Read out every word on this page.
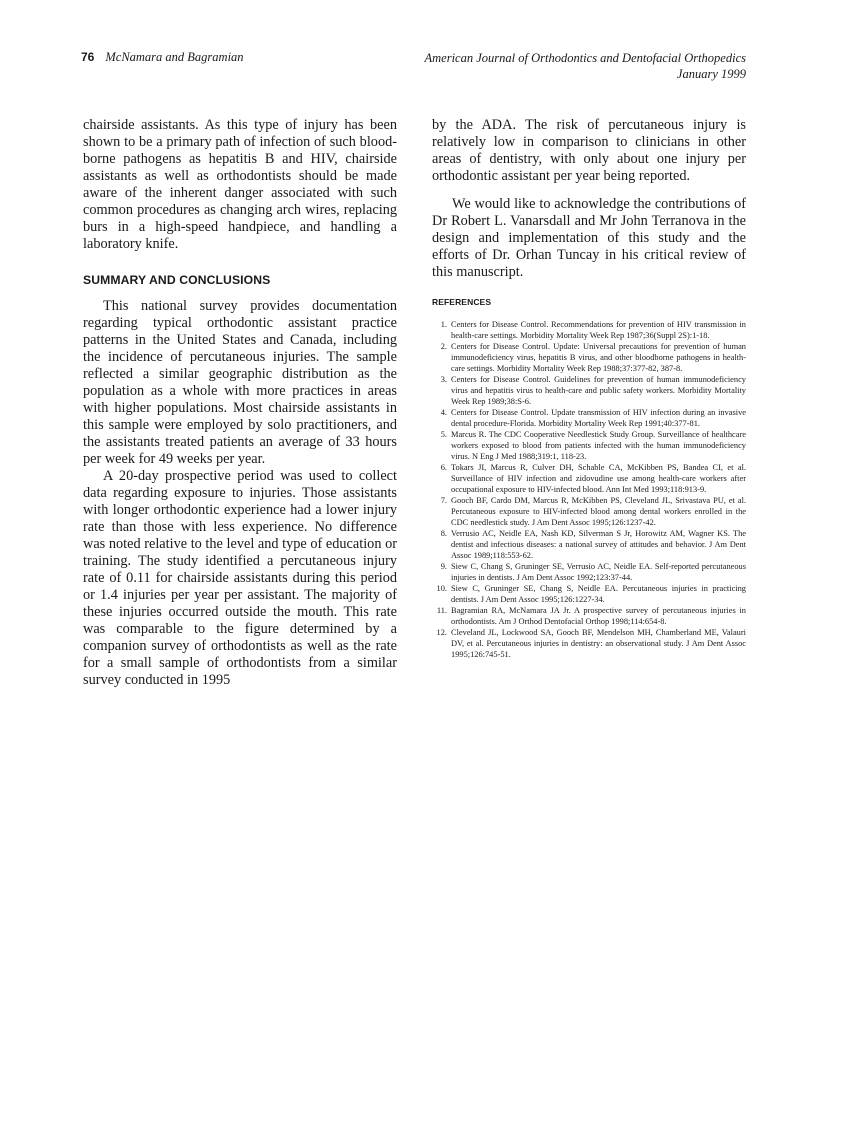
76 McNamara and Bagramian	American Journal of Orthodontics and Dentofacial Orthopedics
January 1999

chairside assistants. As this type of injury has been shown to be a primary path of infection of such blood-borne pathogens as hepatitis B and HIV, chairside assistants as well as orthodontists should be made aware of the inherent danger associated with such common procedures as changing arch wires, replacing burs in a high-speed handpiece, and handling a laboratory knife.

SUMMARY AND CONCLUSIONS

This national survey provides documentation regarding typical orthodontic assistant practice patterns in the United States and Canada, including the incidence of percutaneous injuries. The sample reflected a similar geographic distribution as the population as a whole with more practices in areas with higher populations. Most chairside assistants in this sample were employed by solo practitioners, and the assistants treated patients an average of 33 hours per week for 49 weeks per year.

A 20-day prospective period was used to collect data regarding exposure to injuries. Those assistants with longer orthodontic experience had a lower injury rate than those with less experience. No difference was noted relative to the level and type of education or training. The study identified a percutaneous injury rate of 0.11 for chairside assistants during this period or 1.4 injuries per year per assistant. The majority of these injuries occurred outside the mouth. This rate was comparable to the figure determined by a companion survey of orthodontists as well as the rate for a small sample of orthodontists from a similar survey conducted in 1995

by the ADA. The risk of percutaneous injury is relatively low in comparison to clinicians in other areas of dentistry, with only about one injury per orthodontic assistant per year being reported.

We would like to acknowledge the contributions of Dr Robert L. Vanarsdall and Mr John Terranova in the design and implementation of this study and the efforts of Dr. Orhan Tuncay in his critical review of this manuscript.

REFERENCES
1. Centers for Disease Control. Recommendations for prevention of HIV transmission in health-care settings. Morbidity Mortality Week Rep 1987;36(Suppl 2S):1-18.
2. Centers for Disease Control. Update: Universal precautions for prevention of human immunodeficiency virus, hepatitis B virus, and other bloodborne pathogens in health-care settings. Morbidity Mortality Week Rep 1988;37:377-82, 387-8.
3. Centers for Disease Control. Guidelines for prevention of human immunodeficiency virus and hepatitis virus to health-care and public safety workers. Morbidity Mortality Week Rep 1989;38:S-6.
4. Centers for Disease Control. Update transmission of HIV infection during an invasive dental procedure-Florida. Morbidity Mortality Week Rep 1991;40:377-81.
5. Marcus R. The CDC Cooperative Needlestick Study Group. Surveillance of healthcare workers exposed to blood from patients infected with the human immunodeficiency virus. N Eng J Med 1988;319:1, 118-23.
6. Tokars JI, Marcus R, Culver DH, Schable CA, McKibben PS, Bandea CI, et al. Surveillance of HIV infection and zidovudine use among health-care workers after occupational exposure to HIV-infected blood. Ann Int Med 1993;118:913-9.
7. Gooch BF, Cardo DM, Marcus R, McKibben PS, Cleveland JL, Srivastava PU, et al. Percutaneous exposure to HIV-infected blood among dental workers enrolled in the CDC needlestick study. J Am Dent Assoc 1995;126:1237-42.
8. Verrusio AC, Neidle EA, Nash KD, Silverman S Jr, Horowitz AM, Wagner KS. The dentist and infectious diseases: a national survey of attitudes and behavior. J Am Dent Assoc 1989;118:553-62.
9. Siew C, Chang S, Gruninger SE, Verrusio AC, Neidle EA. Self-reported percutaneous injuries in dentists. J Am Dent Assoc 1992;123:37-44.
10. Siew C, Gruninger SE, Chang S, Neidle EA. Percutaneous injuries in practicing dentists. J Am Dent Assoc 1995;126:1227-34.
11. Bagramian RA, McNamara JA Jr. A prospective survey of percutaneous injuries in orthodontists. Am J Orthod Dentofacial Orthop 1998;114:654-8.
12. Cleveland JL, Lockwood SA, Gooch BF, Mendelson MH, Chamberland ME, Valauri DV, et al. Percutaneous injuries in dentistry: an observational study. J Am Dent Assoc 1995;126:745-51.
